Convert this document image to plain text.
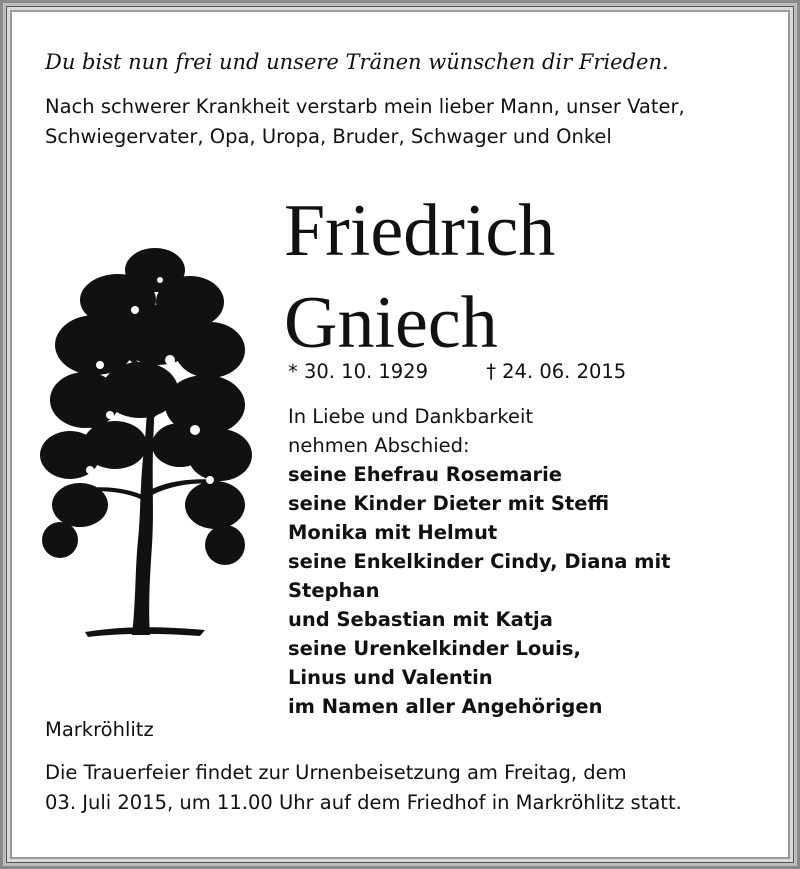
Du bist nun frei und unsere Tränen wünschen dir Frieden.
Nach schwerer Krankheit verstarb mein lieber Mann, unser Vater,
Schwiegervater, Opa, Uropa, Bruder, Schwager und Onkel
Friedrich
Gniech
* 30. 10. 1929	† 24. 06. 2015
In Liebe und Dankbarkeit
nehmen Abschied:
seine Ehefrau Rosemarie
seine Kinder Dieter mit Steffi
Monika mit Helmut
seine Enkelkinder Cindy, Diana mit Stephan
und Sebastian mit Katja
seine Urenkelkinder Louis,
Linus und Valentin
im Namen aller Angehörigen
Markröhlitz
Die Trauerfeier findet zur Urnenbeisetzung am Freitag, dem
03. Juli 2015, um 11.00 Uhr auf dem Friedhof in Markröhlitz statt.
